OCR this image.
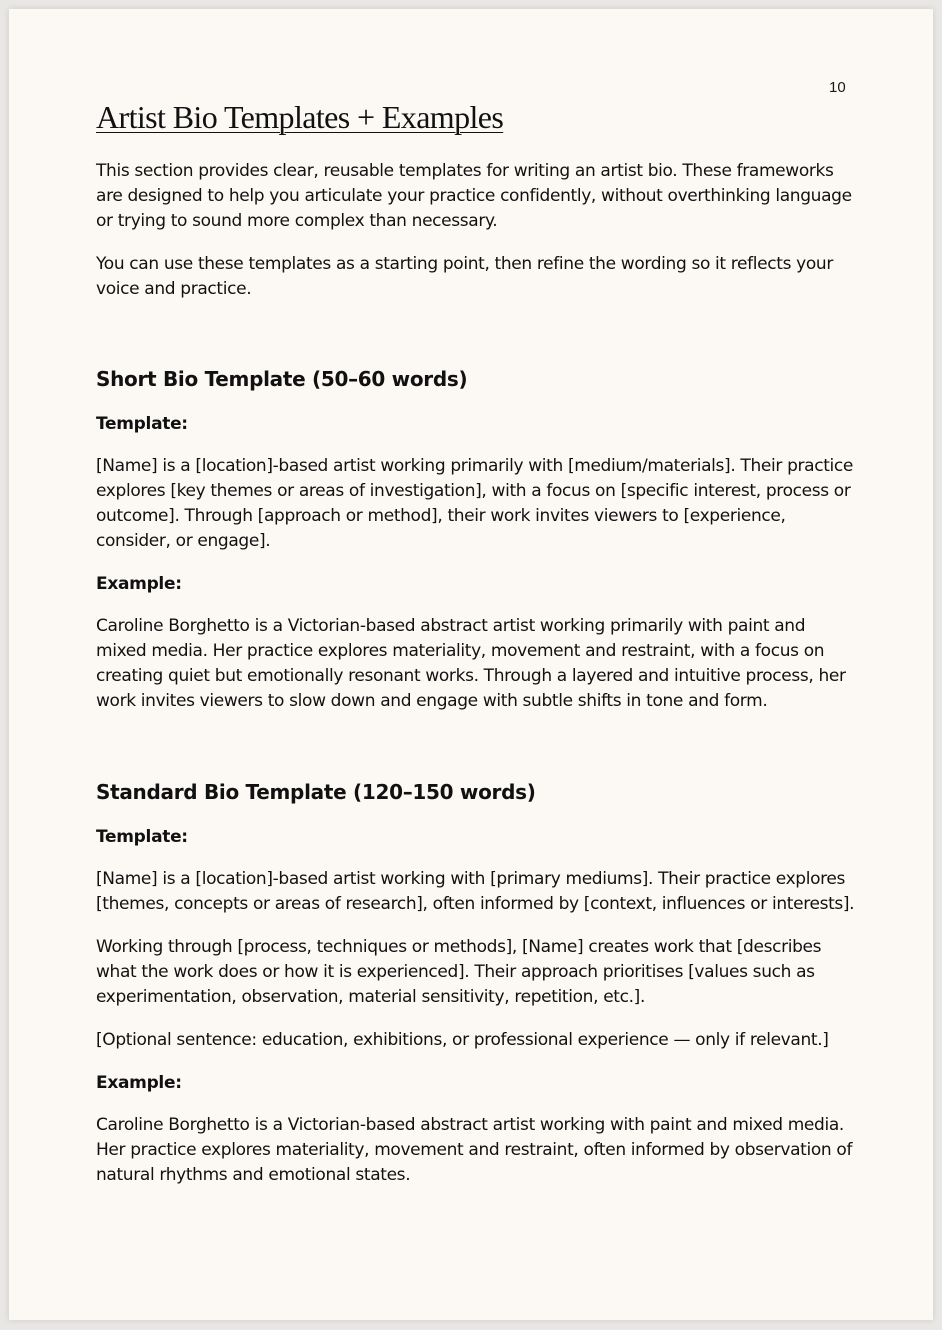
10
Artist Bio Templates + Examples

This section provides clear, reusable templates for writing an artist bio. These frameworks are designed to help you articulate your practice confidently, without overthinking language or trying to sound more complex than necessary.

You can use these templates as a starting point, then refine the wording so it reflects your voice and practice.

Short Bio Template (50–60 words)
Template:

[Name] is a [location]-based artist working primarily with [medium/materials]. Their practice explores [key themes or areas of investigation], with a focus on [specific interest, process or outcome]. Through [approach or method], their work invites viewers to [experience, consider, or engage].

Example:

Caroline Borghetto is a Victorian-based abstract artist working primarily with paint and mixed media. Her practice explores materiality, movement and restraint, with a focus on creating quiet but emotionally resonant works. Through a layered and intuitive process, her work invites viewers to slow down and engage with subtle shifts in tone and form.

Standard Bio Template (120–150 words)
Template:

[Name] is a [location]-based artist working with [primary mediums]. Their practice explores [themes, concepts or areas of research], often informed by [context, influences or interests].

Working through [process, techniques or methods], [Name] creates work that [describes what the work does or how it is experienced]. Their approach prioritises [values such as experimentation, observation, material sensitivity, repetition, etc.].

[Optional sentence: education, exhibitions, or professional experience — only if relevant.]

Example:

Caroline Borghetto is a Victorian-based abstract artist working with paint and mixed media. Her practice explores materiality, movement and restraint, often informed by observation of natural rhythms and emotional states.
